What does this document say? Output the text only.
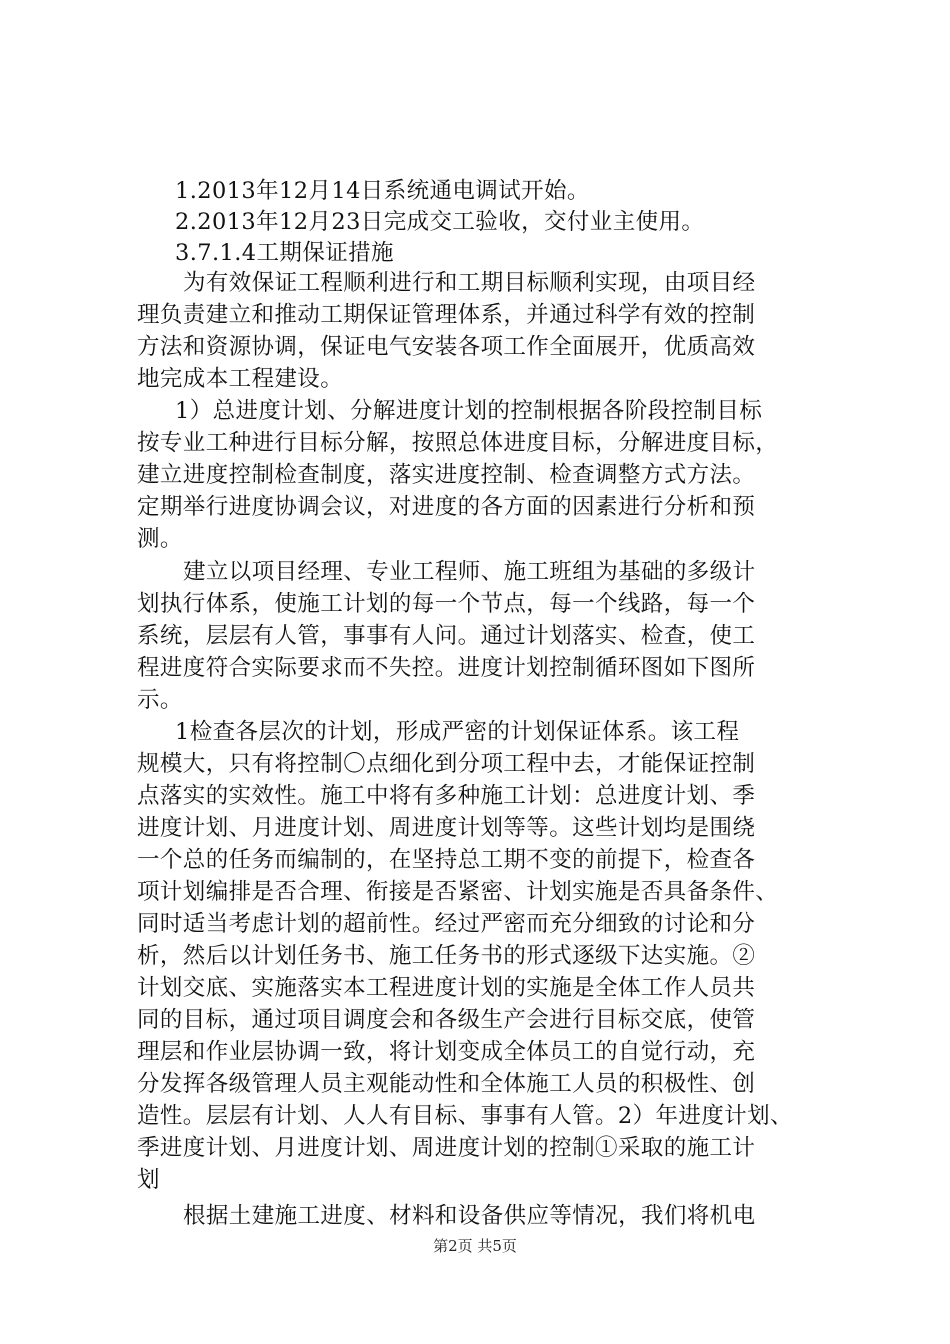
1.2013年12月14日系统通电调试开始。
2.2013年12月23日完成交工验收，交付业主使用。
3.7.1.4工期保证措施
为有效保证工程顺利进行和工期目标顺利实现，由项目经
理负责建立和推动工期保证管理体系，并通过科学有效的控制
方法和资源协调，保证电气安装各项工作全面展开，优质高效
地完成本工程建设。
1）总进度计划、分解进度计划的控制根据各阶段控制目标
按专业工种进行目标分解，按照总体进度目标，分解进度目标，
建立进度控制检查制度，落实进度控制、检查调整方式方法。
定期举行进度协调会议，对进度的各方面的因素进行分析和预
测。
建立以项目经理、专业工程师、施工班组为基础的多级计
划执行体系，使施工计划的每一个节点，每一个线路，每一个
系统，层层有人管，事事有人问。通过计划落实、检查，使工
程进度符合实际要求而不失控。进度计划控制循环图如下图所
示。
1检查各层次的计划，形成严密的计划保证体系。该工程
规模大，只有将控制〇点细化到分项工程中去，才能保证控制
点落实的实效性。施工中将有多种施工计划：总进度计划、季
进度计划、月进度计划、周进度计划等等。这些计划均是围绕
一个总的任务而编制的，在坚持总工期不变的前提下，检查各
项计划编排是否合理、衔接是否紧密、计划实施是否具备条件、
同时适当考虑计划的超前性。经过严密而充分细致的讨论和分
析，然后以计划任务书、施工任务书的形式逐级下达实施。②
计划交底、实施落实本工程进度计划的实施是全体工作人员共
同的目标，通过项目调度会和各级生产会进行目标交底，使管
理层和作业层协调一致，将计划变成全体员工的自觉行动，充
分发挥各级管理人员主观能动性和全体施工人员的积极性、创
造性。层层有计划、人人有目标、事事有人管。2）年进度计划、
季进度计划、月进度计划、周进度计划的控制①采取的施工计
划
根据土建施工进度、材料和设备供应等情况，我们将机电
第2页 共5页
